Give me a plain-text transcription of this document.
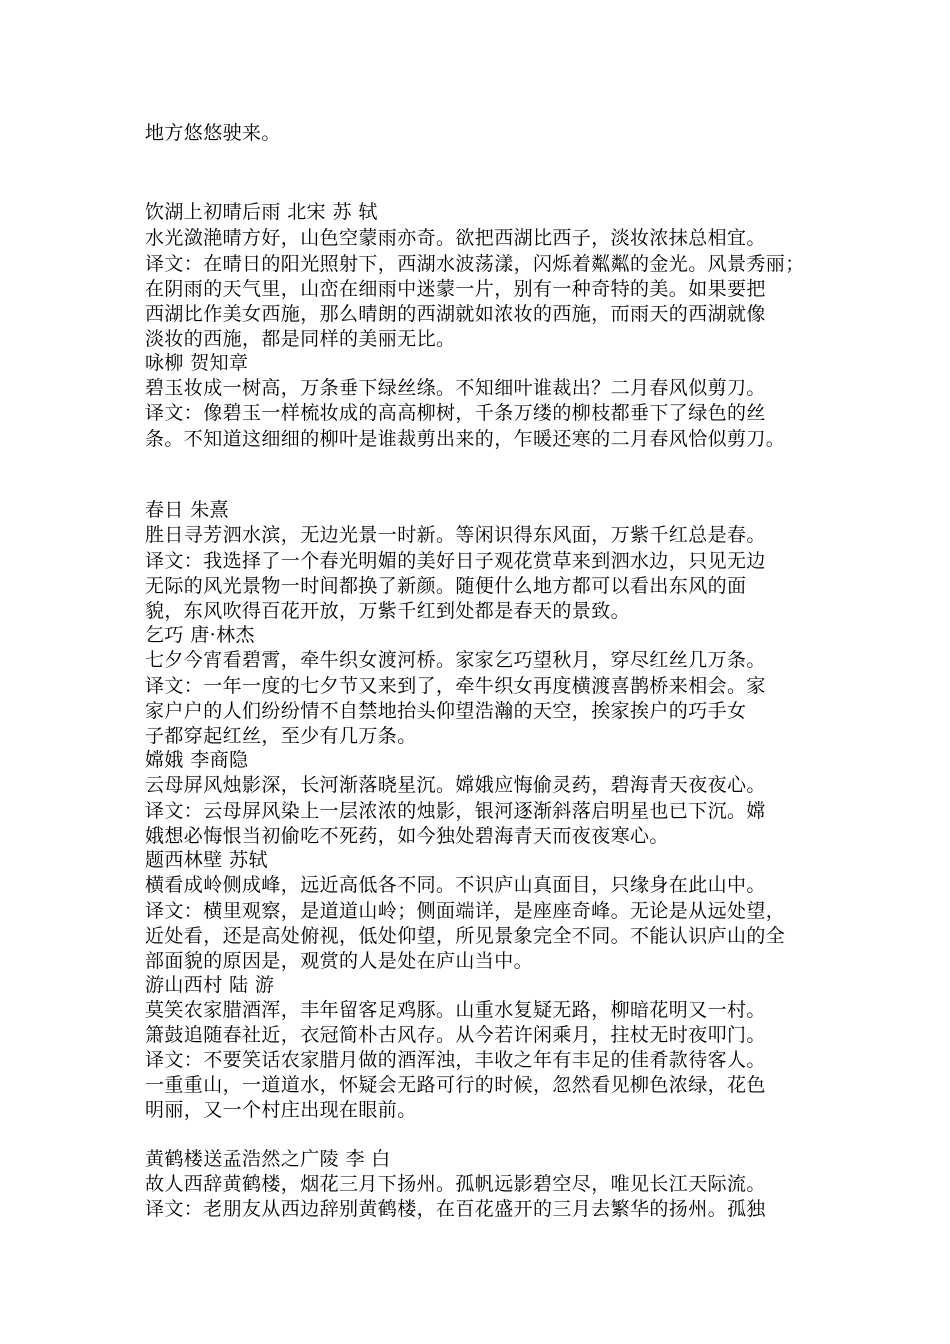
地方悠悠驶来。
饮湖上初晴后雨 北宋 苏 轼
水光潋滟晴方好，山色空蒙雨亦奇。欲把西湖比西子，淡妆浓抹总相宜。
译文：在晴日的阳光照射下，西湖水波荡漾，闪烁着粼粼的金光。风景秀丽；
在阴雨的天气里，山峦在细雨中迷蒙一片，别有一种奇特的美。如果要把
西湖比作美女西施，那么晴朗的西湖就如浓妆的西施，而雨天的西湖就像
淡妆的西施，都是同样的美丽无比。
咏柳 贺知章
碧玉妆成一树高，万条垂下绿丝绦。不知细叶谁裁出？二月春风似剪刀。
译文：像碧玉一样梳妆成的高高柳树，千条万缕的柳枝都垂下了绿色的丝
条。不知道这细细的柳叶是谁裁剪出来的，乍暖还寒的二月春风恰似剪刀。
春日 朱熹
胜日寻芳泗水滨，无边光景一时新。等闲识得东风面，万紫千红总是春。
译文：我选择了一个春光明媚的美好日子观花赏草来到泗水边，只见无边
无际的风光景物一时间都换了新颜。随便什么地方都可以看出东风的面
貌，东风吹得百花开放，万紫千红到处都是春天的景致。
乞巧 唐·林杰
七夕今宵看碧霄，牵牛织女渡河桥。家家乞巧望秋月，穿尽红丝几万条。
译文：一年一度的七夕节又来到了，牵牛织女再度横渡喜鹊桥来相会。家
家户户的人们纷纷情不自禁地抬头仰望浩瀚的天空，挨家挨户的巧手女
子都穿起红丝，至少有几万条。
嫦娥 李商隐
云母屏风烛影深，长河渐落晓星沉。嫦娥应悔偷灵药，碧海青天夜夜心。
译文：云母屏风染上一层浓浓的烛影，银河逐渐斜落启明星也已下沉。嫦
娥想必悔恨当初偷吃不死药，如今独处碧海青天而夜夜寒心。
题西林壁 苏轼
横看成岭侧成峰，远近高低各不同。不识庐山真面目，只缘身在此山中。
译文：横里观察，是道道山岭；侧面端详，是座座奇峰。无论是从远处望，
近处看，还是高处俯视，低处仰望，所见景象完全不同。不能认识庐山的全
部面貌的原因是，观赏的人是处在庐山当中。
游山西村 陆 游
莫笑农家腊酒浑，丰年留客足鸡豚。山重水复疑无路，柳暗花明又一村。
箫鼓追随春社近，衣冠简朴古风存。从今若许闲乘月，拄杖无时夜叩门。
译文：不要笑话农家腊月做的酒浑浊，丰收之年有丰足的佳肴款待客人。
一重重山，一道道水，怀疑会无路可行的时候，忽然看见柳色浓绿，花色
明丽，又一个村庄出现在眼前。
黄鹤楼送孟浩然之广陵 李 白
故人西辞黄鹤楼，烟花三月下扬州。孤帆远影碧空尽，唯见长江天际流。
译文：老朋友从西边辞别黄鹤楼，在百花盛开的三月去繁华的扬州。孤独
